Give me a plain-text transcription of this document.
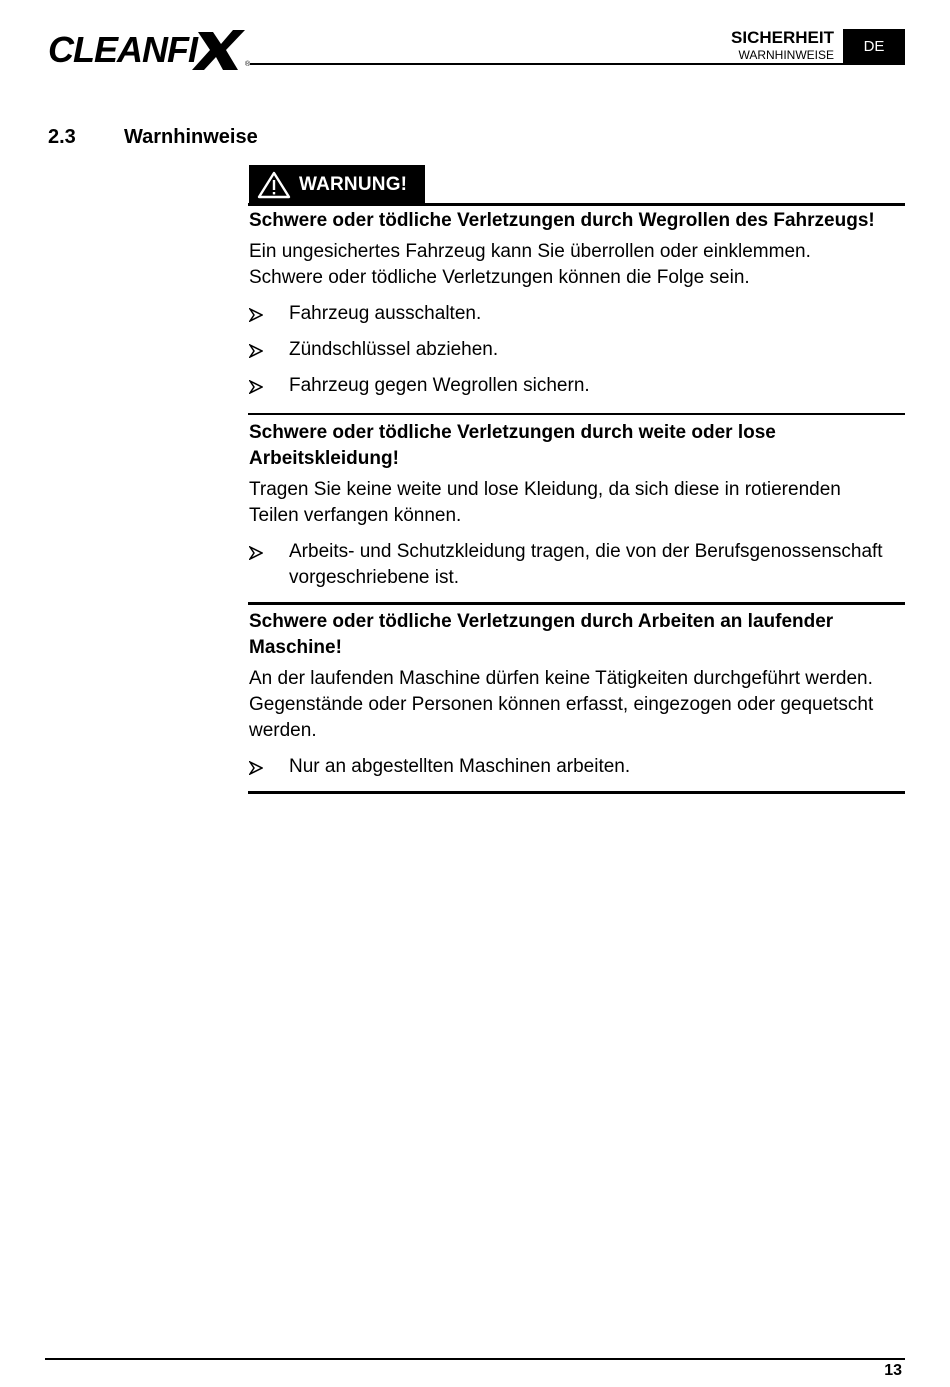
CLEANFI	®
SICHERHEIT
WARNHINWEISE	DE
2.3 Warnhinweise
WARNUNG!

Schwere oder tödliche Verletzungen durch Wegrollen des Fahrzeugs!

Ein ungesichertes Fahrzeug kann Sie überrollen oder einklemmen.

Schwere oder tödliche Verletzungen können die Folge sein.

Fahrzeug ausschalten.
Zündschlüssel abziehen.
Fahrzeug gegen Wegrollen sichern.

Schwere oder tödliche Verletzungen durch weite oder lose

Arbeitskleidung!

Tragen Sie keine weite und lose Kleidung, da sich diese in rotierenden

Teilen verfangen können.

Arbeits- und Schutzkleidung tragen, die von der Berufsgenossenschaft
vorgeschriebene ist.

Schwere oder tödliche Verletzungen durch Arbeiten an laufender

Maschine!

An der laufenden Maschine dürfen keine Tätigkeiten durchgeführt werden.

Gegenstände oder Personen können erfasst, eingezogen oder gequetscht

werden.

Nur an abgestellten Maschinen arbeiten.
13
